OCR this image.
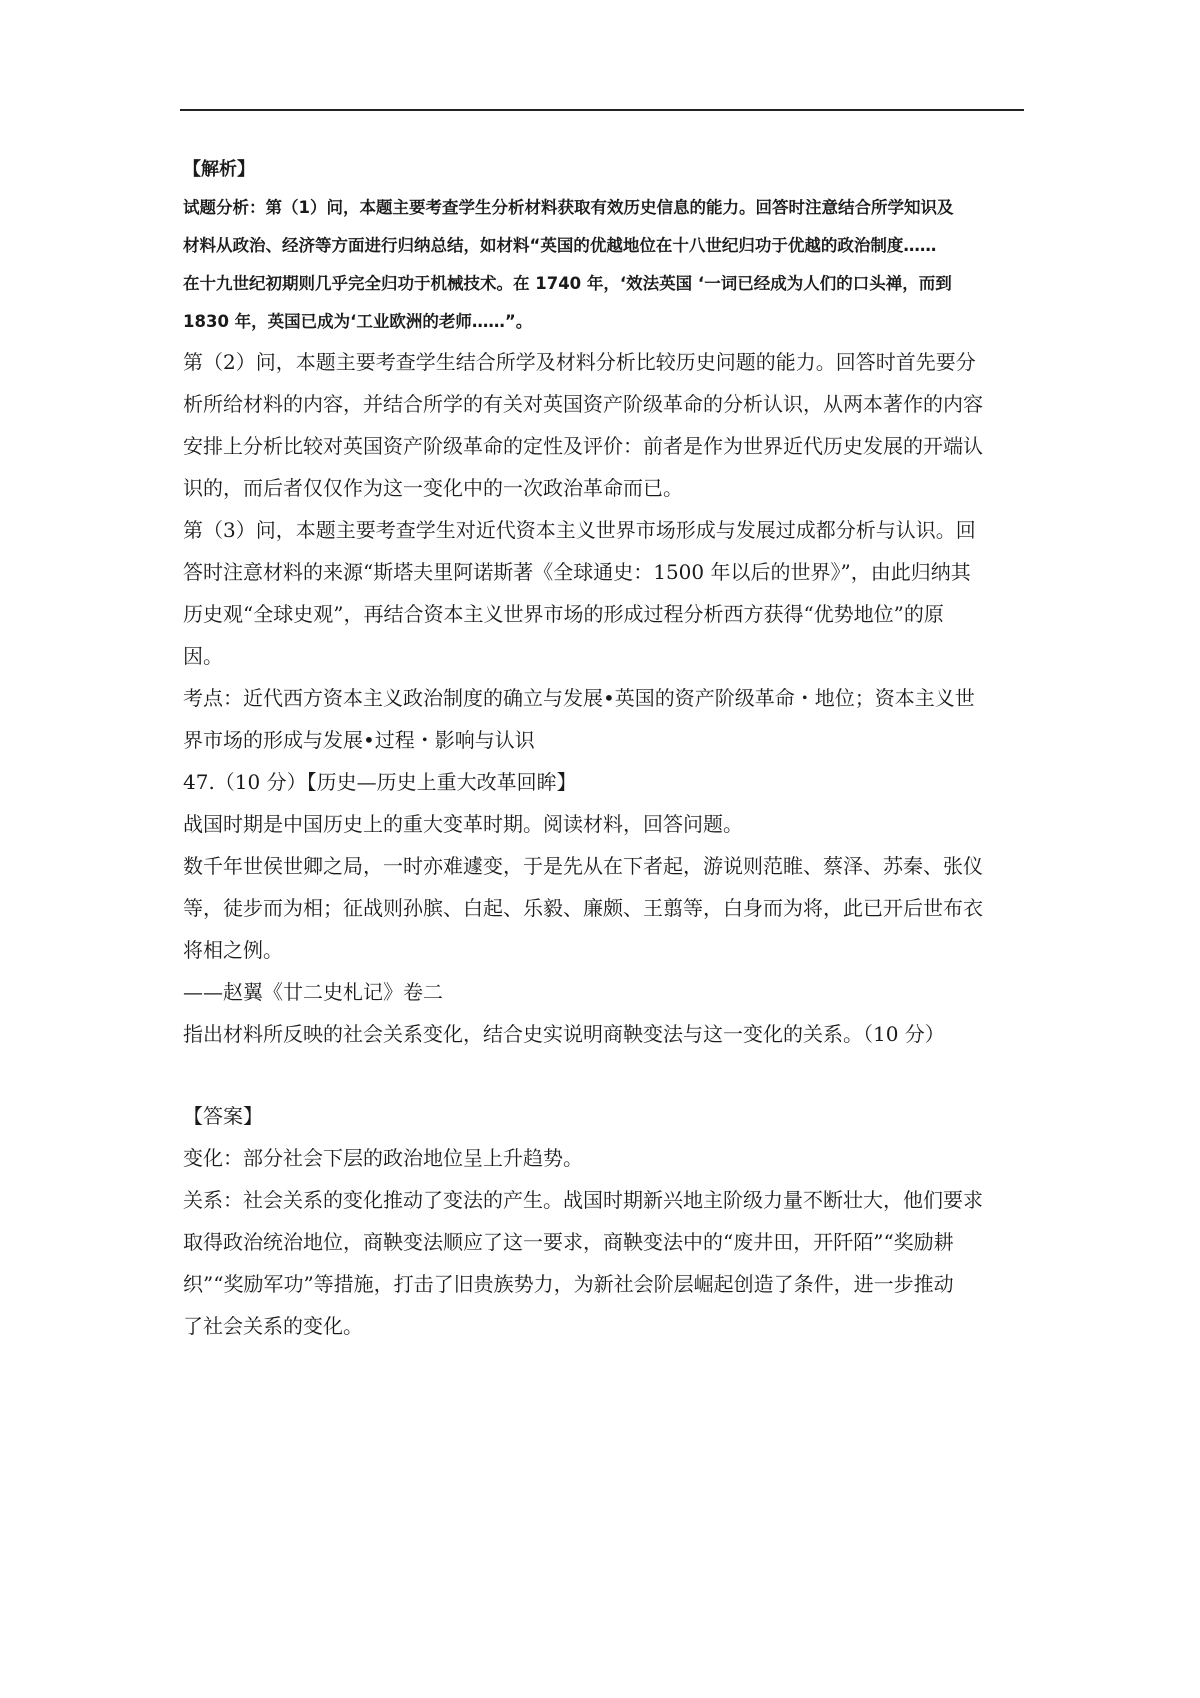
【解析】

试题分析：第（1）问，本题主要考查学生分析材料获取有效历史信息的能力。回答时注意结合所学知识及

材料从政治、经济等方面进行归纳总结，如材料“英国的优越地位在十八世纪归功于优越的政治制度……

在十九世纪初期则几乎完全归功于机械技术。在 1740 年，‘效法英国 ‘一词已经成为人们的口头禅，而到

1830 年，英国已成为‘工业欧洲的老师……”。

第（2）问，本题主要考查学生结合所学及材料分析比较历史问题的能力。回答时首先要分
析所给材料的内容，并结合所学的有关对英国资产阶级革命的分析认识，从两本著作的内容
安排上分析比较对英国资产阶级革命的定性及评价：前者是作为世界近代历史发展的开端认
识的，而后者仅仅作为这一变化中的一次政治革命而已。
第（3）问，本题主要考查学生对近代资本主义世界市场形成与发展过成都分析与认识。回
答时注意材料的来源“斯塔夫里阿诺斯著《全球通史：1500 年以后的世界》”，由此归纳其
历史观“全球史观”，再结合资本主义世界市场的形成过程分析西方获得“优势地位”的原
因。
考点：近代西方资本主义政治制度的确立与发展•英国的资产阶级革命・地位；资本主义世
界市场的形成与发展•过程・影响与认识
47.（10 分）【历史—历史上重大改革回眸】
战国时期是中国历史上的重大变革时期。阅读材料，回答问题。
数千年世侯世卿之局，一时亦难遽变，于是先从在下者起，游说则范睢、蔡泽、苏秦、张仪
等，徒步而为相；征战则孙膑、白起、乐毅、廉颇、王翦等，白身而为将，此已开后世布衣
将相之例。
——赵翼《廿二史札记》卷二
指出材料所反映的社会关系变化，结合史实说明商鞅变法与这一变化的关系。（10 分）
【答案】
变化：部分社会下层的政治地位呈上升趋势。
关系：社会关系的变化推动了变法的产生。战国时期新兴地主阶级力量不断壮大，他们要求
取得政治统治地位，商鞅变法顺应了这一要求，商鞅变法中的“废井田，开阡陌”“奖励耕
织”“奖励军功”等措施，打击了旧贵族势力，为新社会阶层崛起创造了条件，进一步推动
了社会关系的变化。
